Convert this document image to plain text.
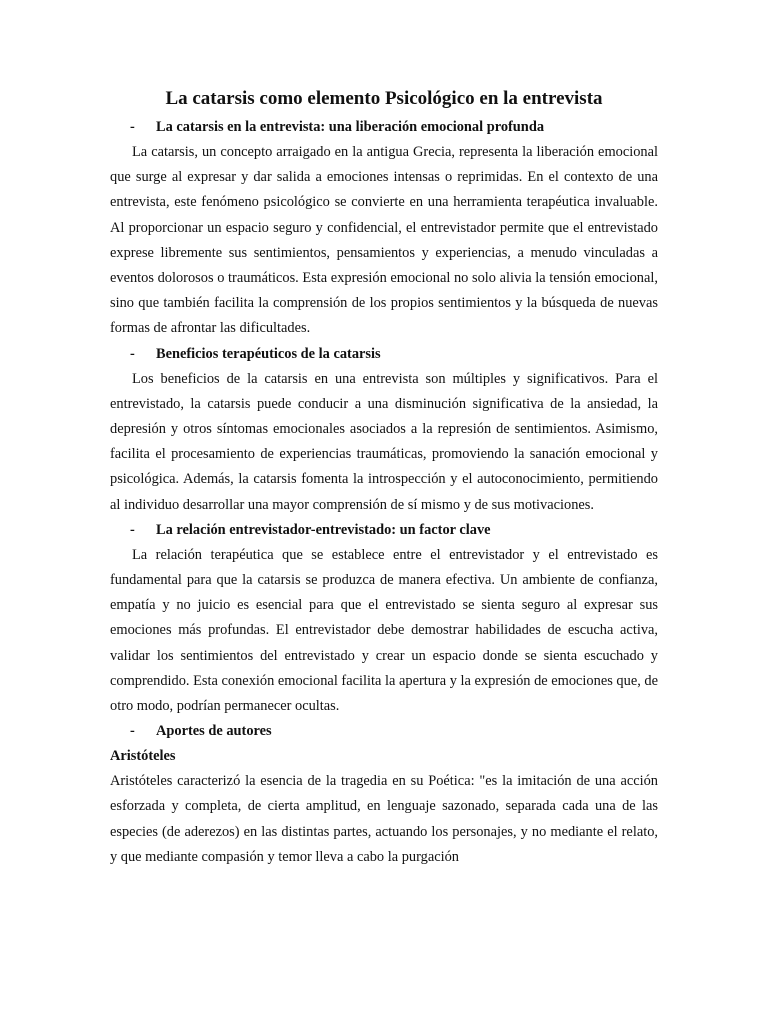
La catarsis como elemento Psicológico en la entrevista
-	La catarsis en la entrevista: una liberación emocional profunda

La catarsis, un concepto arraigado en la antigua Grecia, representa la liberación emocional que surge al expresar y dar salida a emociones intensas o reprimidas. En el contexto de una entrevista, este fenómeno psicológico se convierte en una herramienta terapéutica invaluable. Al proporcionar un espacio seguro y confidencial, el entrevistador permite que el entrevistado exprese libremente sus sentimientos, pensamientos y experiencias, a menudo vinculadas a eventos dolorosos o traumáticos. Esta expresión emocional no solo alivia la tensión emocional, sino que también facilita la comprensión de los propios sentimientos y la búsqueda de nuevas formas de afrontar las dificultades.

-	Beneficios terapéuticos de la catarsis

Los beneficios de la catarsis en una entrevista son múltiples y significativos. Para el entrevistado, la catarsis puede conducir a una disminución significativa de la ansiedad, la depresión y otros síntomas emocionales asociados a la represión de sentimientos. Asimismo, facilita el procesamiento de experiencias traumáticas, promoviendo la sanación emocional y psicológica. Además, la catarsis fomenta la introspección y el autoconocimiento, permitiendo al individuo desarrollar una mayor comprensión de sí mismo y de sus motivaciones.

-	La relación entrevistador-entrevistado: un factor clave

La relación terapéutica que se establece entre el entrevistador y el entrevistado es fundamental para que la catarsis se produzca de manera efectiva. Un ambiente de confianza, empatía y no juicio es esencial para que el entrevistado se sienta seguro al expresar sus emociones más profundas. El entrevistador debe demostrar habilidades de escucha activa, validar los sentimientos del entrevistado y crear un espacio donde se sienta escuchado y comprendido. Esta conexión emocional facilita la apertura y la expresión de emociones que, de otro modo, podrían permanecer ocultas.

-	Aportes de autores
Aristóteles

Aristóteles caracterizó la esencia de la tragedia en su Poética: "es la imitación de una acción esforzada y completa, de cierta amplitud, en lenguaje sazonado, separada cada una de las especies (de aderezos) en las distintas partes, actuando los personajes, y no mediante el relato, y que mediante compasión y temor lleva a cabo la purgación
